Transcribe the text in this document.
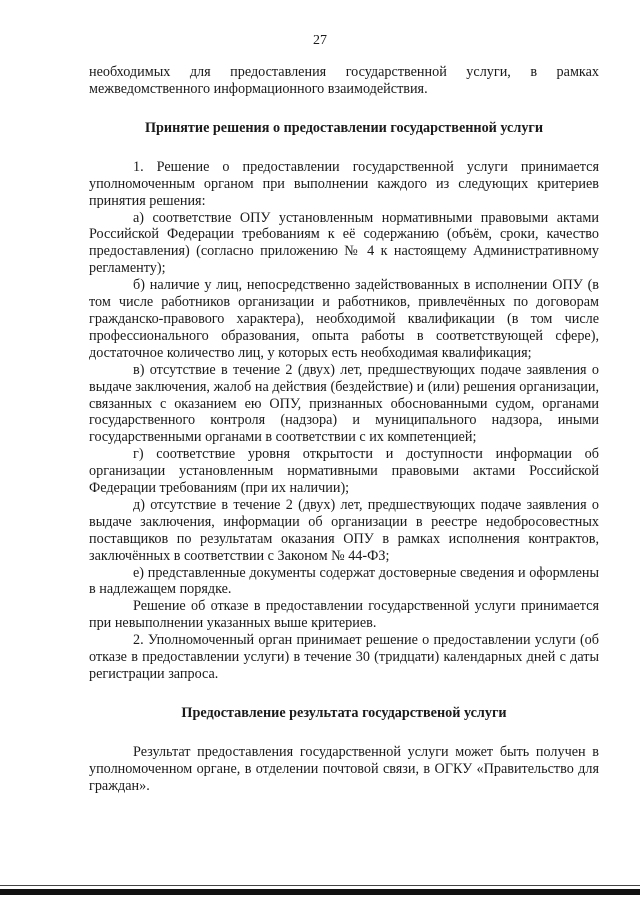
27

необходимых для предоставления государственной услуги, в рамках межведомственного информационного взаимодействия.

Принятие решения о предоставлении государственной услуги

1. Решение о предоставлении государственной услуги принимается уполномоченным органом при выполнении каждого из следующих критериев принятия решения:

а) соответствие ОПУ установленным нормативными правовыми актами Российской Федерации требованиям к её содержанию (объём, сроки, качество предоставления) (согласно приложению № 4 к настоящему Административному регламенту);

б) наличие у лиц, непосредственно задействованных в исполнении ОПУ (в том числе работников организации и работников, привлечённых по договорам гражданско-правового характера), необходимой квалификации (в том числе профессионального образования, опыта работы в соответствующей сфере), достаточное количество лиц, у которых есть необходимая квалификация;

в) отсутствие в течение 2 (двух) лет, предшествующих подаче заявления о выдаче заключения, жалоб на действия (бездействие) и (или) решения организации, связанных с оказанием ею ОПУ, признанных обоснованными судом, органами государственного контроля (надзора) и муниципального надзора, иными государственными органами в соответствии с их компетенцией;

г) соответствие уровня открытости и доступности информации об организации установленным нормативными правовыми актами Российской Федерации требованиям (при их наличии);

д) отсутствие в течение 2 (двух) лет, предшествующих подаче заявления о выдаче заключения, информации об организации в реестре недобросовестных поставщиков по результатам оказания ОПУ в рамках исполнения контрактов, заключённых в соответствии с Законом № 44-ФЗ;

е) представленные документы содержат достоверные сведения и оформлены в надлежащем порядке.

Решение об отказе в предоставлении государственной услуги принимается при невыполнении указанных выше критериев.

2. Уполномоченный орган принимает решение о предоставлении услуги (об отказе в предоставлении услуги) в течение 30 (тридцати) календарных дней с даты регистрации запроса.

Предоставление результата государственой услуги

Результат предоставления государственной услуги может быть получен в уполномоченном органе, в отделении почтовой связи, в ОГКУ «Правительство для граждан».
